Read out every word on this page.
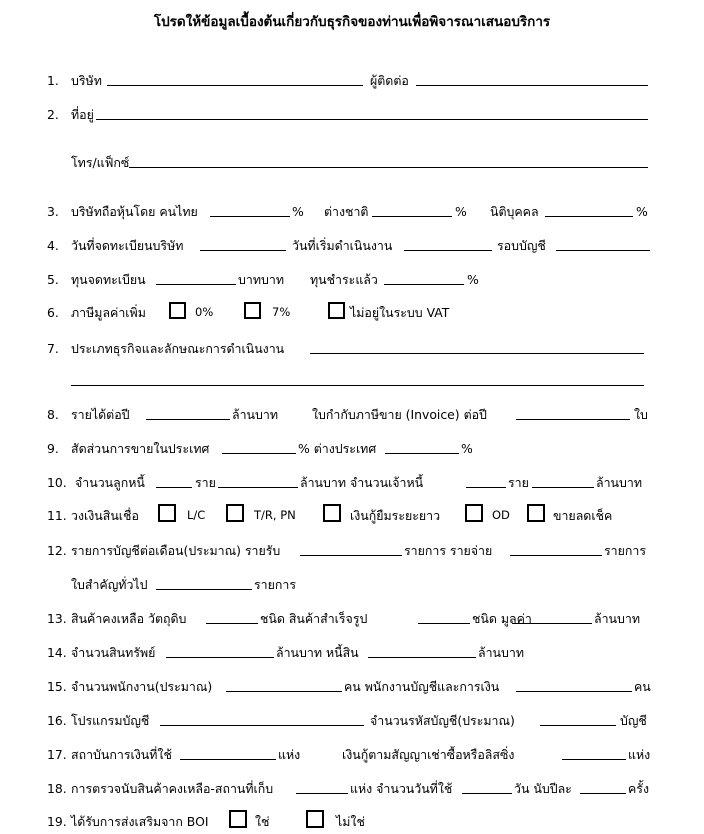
โปรดให้ข้อมูลเบื้องต้นเกี่ยวกับธุรกิจของท่านเพื่อพิจารณาเสนอบริการ
1. บริษัท	ผู้ติดต่อ
2. ที่อยู่
โทร/แฟ็กซ์
3. บริษัทถือหุ้นโดย คนไทย	% ต่างชาติ	% นิติบุคคล	%
4. วันที่จดทะเบียนบริษัท	วันที่เริ่มดำเนินงาน	รอบบัญชี
5. ทุนจดทะเบียน	บาทบาท ทุนชำระแล้ว	%
6. ภาษีมูลค่าเพิ่ม	0%	7%	ไม่อยู่ในระบบ VAT
7. ประเภทธุรกิจและลักษณะการดำเนินงาน
8. รายได้ต่อปี	ล้านบาท	ใบกำกับภาษีขาย (Invoice) ต่อปี	ใบ
9. สัดส่วนการขายในประเทศ	% ต่างประเทศ	%
10. จำนวนลูกหนี้	ราย	ล้านบาท จำนวนเจ้าหนี้	ราย	ล้านบาท
11. วงเงินสินเชื่อ	L/C	T/R, PN	เงินกู้ยืมระยะยาว	OD	ขายลดเช็ค
12. รายการบัญชีต่อเดือน(ประมาณ) รายรับ	รายการ รายจ่าย	รายการ
ใบสำคัญทั่วไป	รายการ
13. สินค้าคงเหลือ วัตถุดิบ	ชนิด สินค้าสำเร็จรูป	ชนิด มูลค่า	ล้านบาท
14. จำนวนสินทรัพย์	ล้านบาท หนี้สิน	ล้านบาท
15. จำนวนพนักงาน(ประมาณ)	คน พนักงานบัญชีและการเงิน	คน
16. โปรแกรมบัญชี	จำนวนรหัสบัญชี(ประมาณ)	บัญชี
17. สถาบันการเงินที่ใช้	แห่ง	เงินกู้ตามสัญญาเช่าซื้อหรือลิสซิ่ง	แห่ง
18. การตรวจนับสินค้าคงเหลือ-สถานที่เก็บ	แห่ง จำนวนวันที่ใช้	วัน นับปีละ	ครั้ง
19. ได้รับการส่งเสริมจาก BOI	ใช่	ไม่ใช่
